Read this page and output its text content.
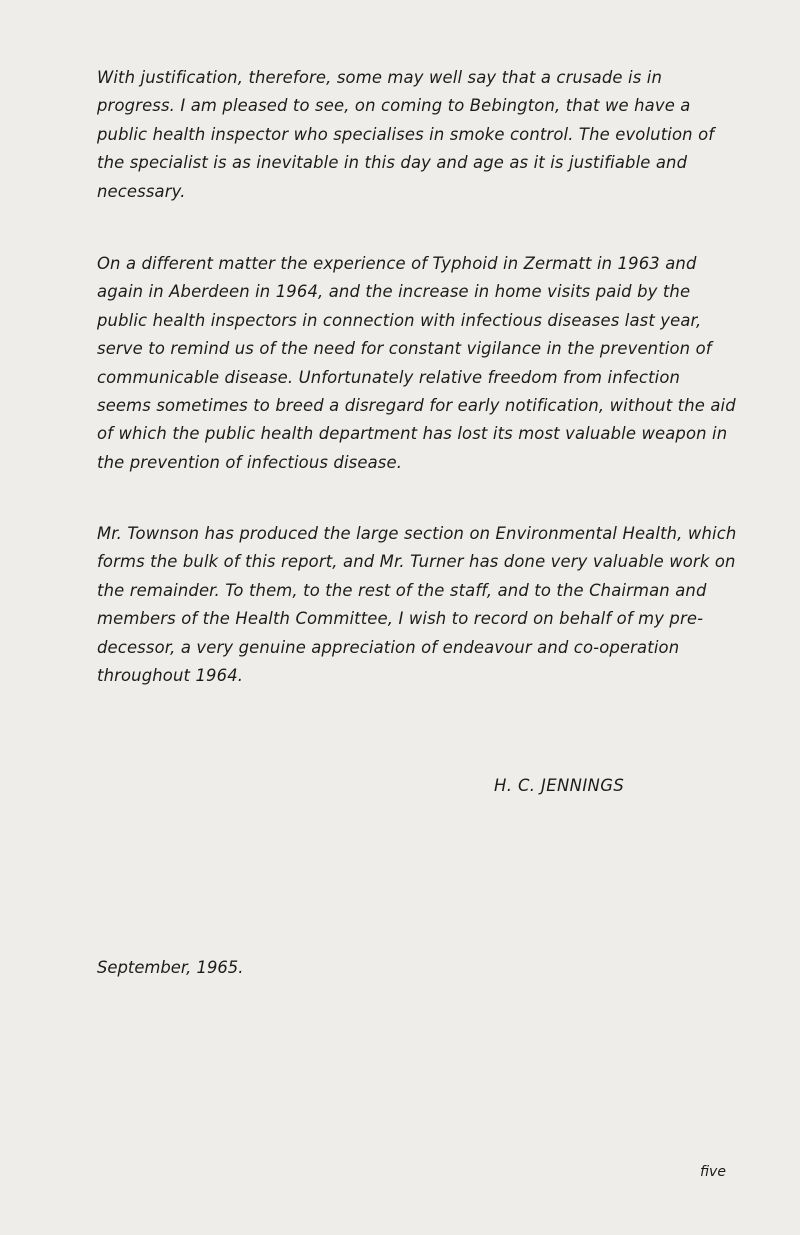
With justification, therefore, some may well say that a crusade is in progress. I am pleased to see, on coming to Bebington, that we have a public health inspector who specialises in smoke control. The evolution of the specialist is as inevitable in this day and age as it is justifiable and necessary.

On a different matter the experience of Typhoid in Zermatt in 1963 and again in Aberdeen in 1964, and the increase in home visits paid by the public health inspectors in connection with infectious diseases last year, serve to remind us of the need for constant vigilance in the prevention of communicable disease. Unfortunately relative freedom from infection seems sometimes to breed a disregard for early notification, without the aid of which the public health department has lost its most valuable weapon in the prevention of infectious disease.

Mr. Townson has produced the large section on Environmental Health, which forms the bulk of this report, and Mr. Turner has done very valuable work on the remainder. To them, to the rest of the staff, and to the Chairman and members of the Health Committee, I wish to record on behalf of my pre- decessor, a very genuine appreciation of endeavour and co-operation throughout 1964.

H. C. JENNINGS

September, 1965.

five
